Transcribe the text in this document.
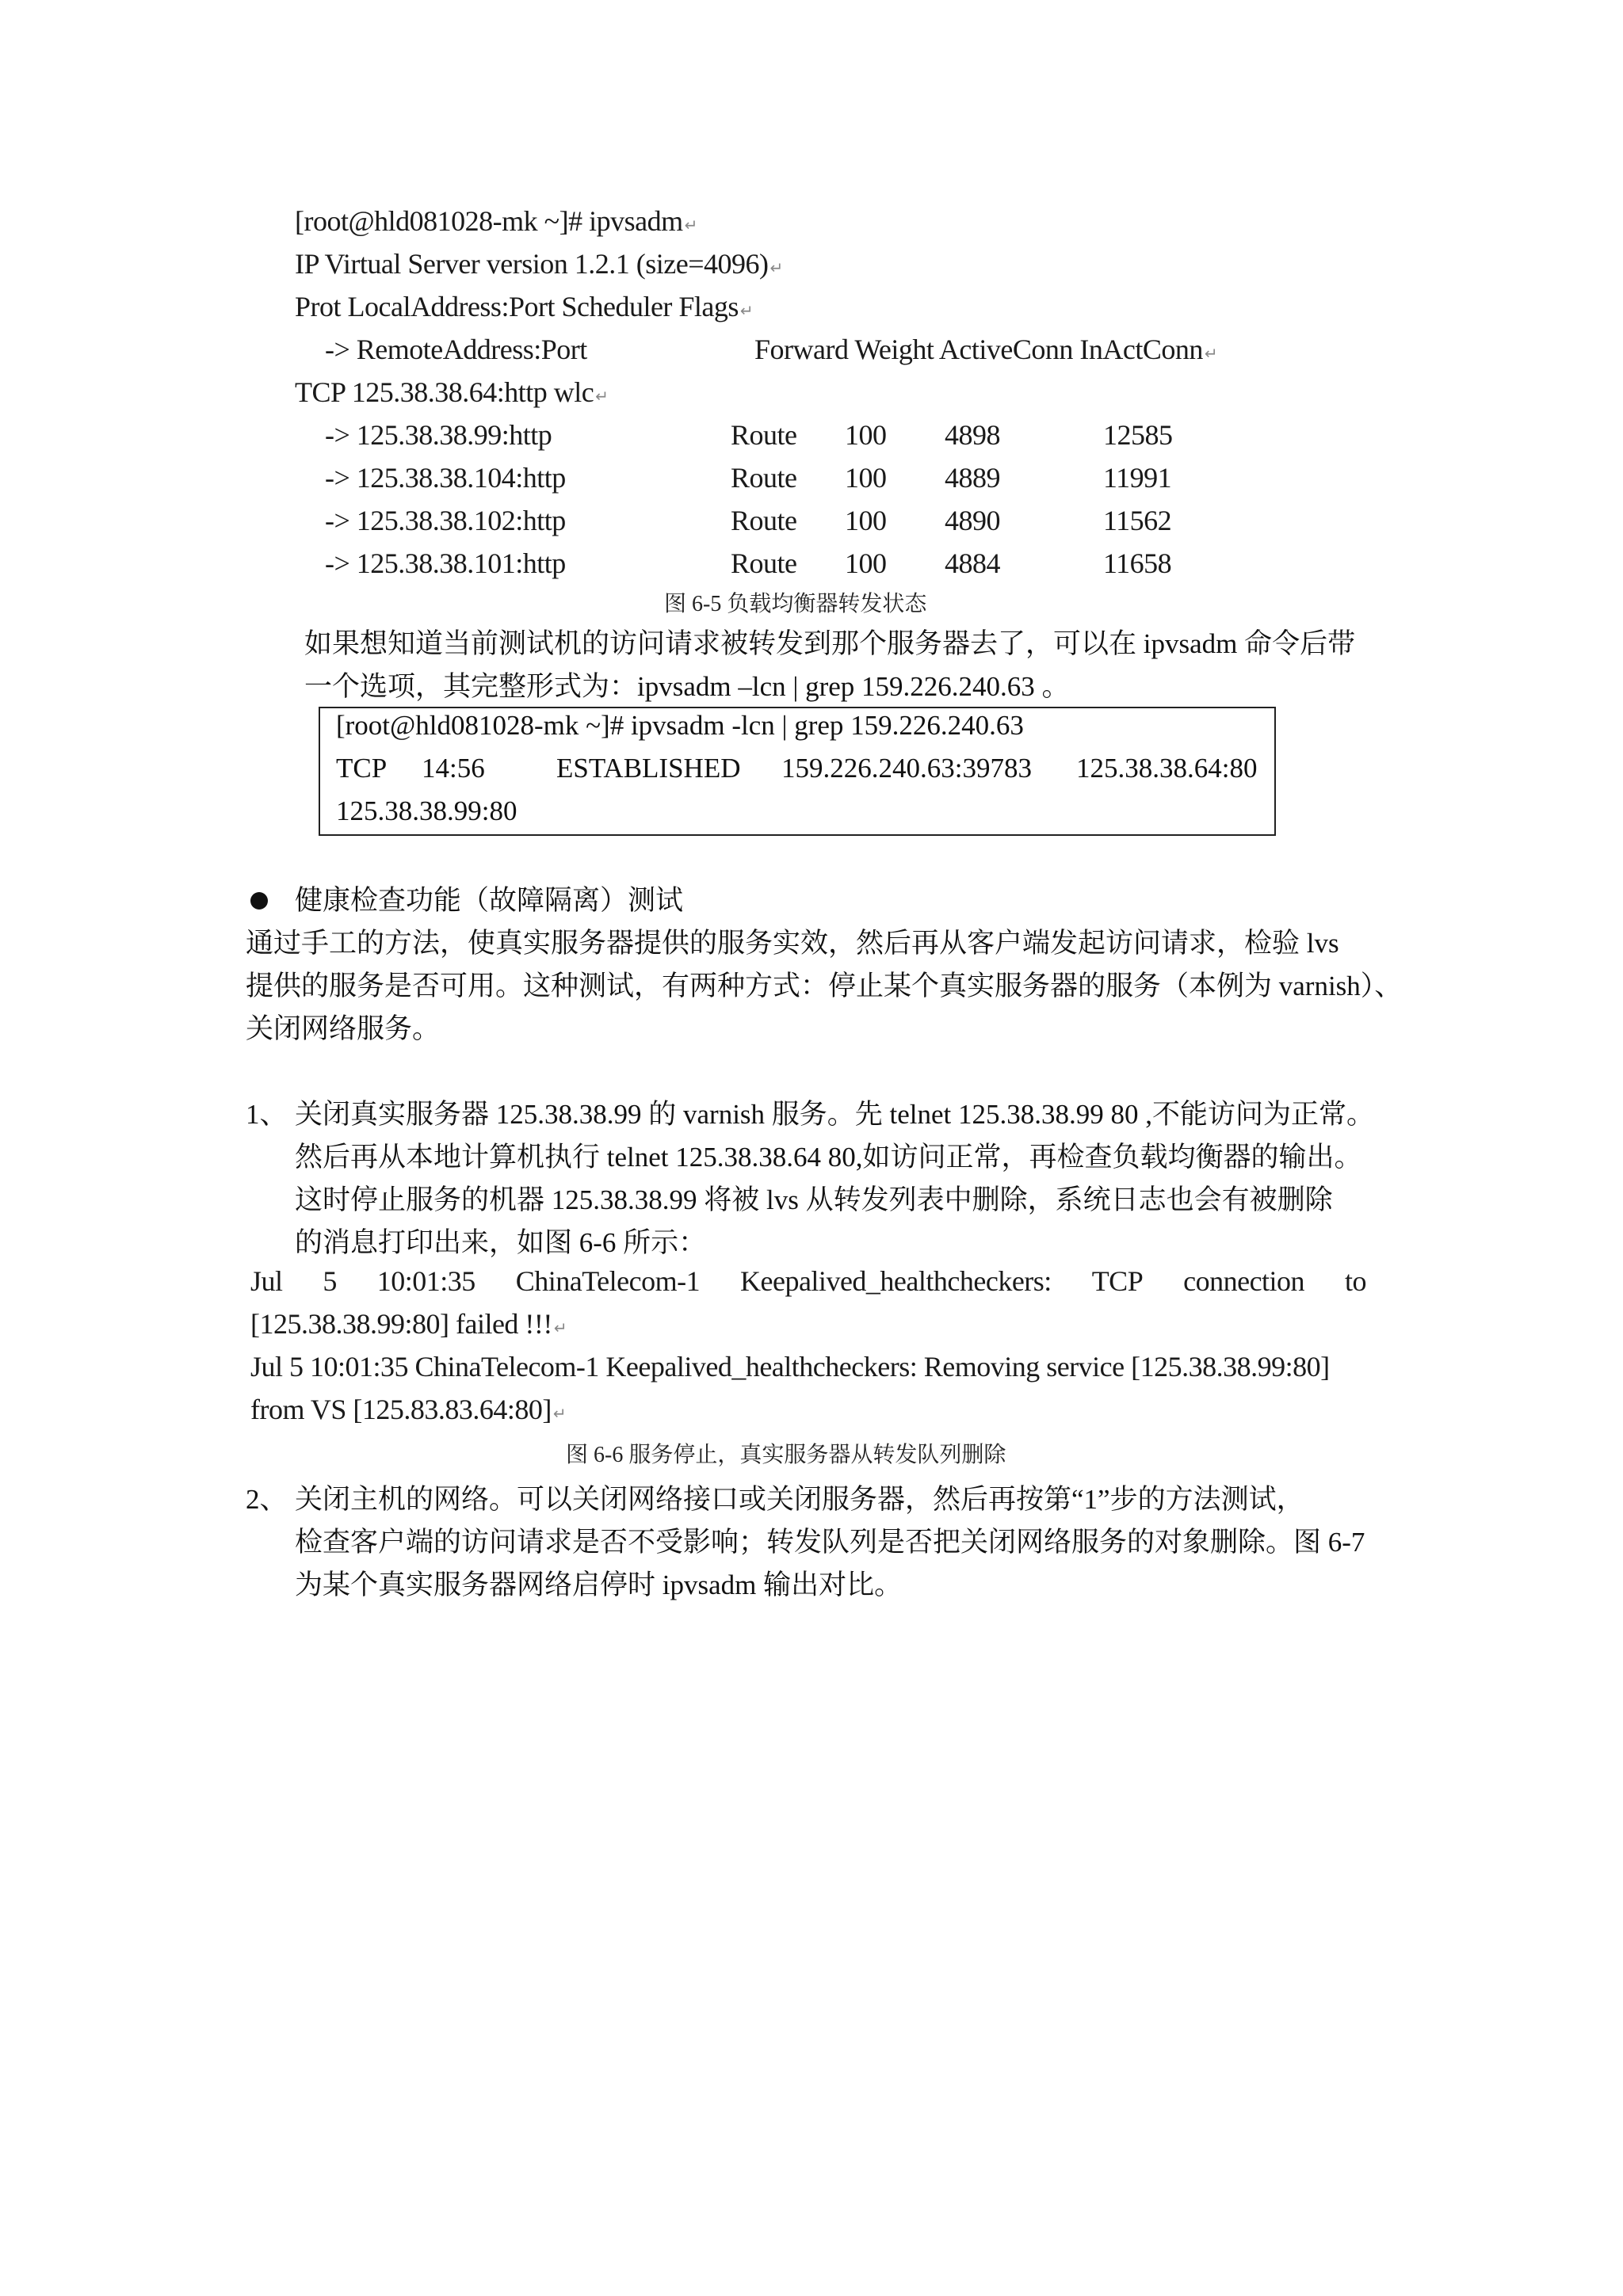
[root@hld081028-mk ~]# ipvsadm ↵
IP Virtual Server version 1.2.1 (size=4096) ↵
Prot LocalAddress:Port Scheduler Flags ↵
-> RemoteAddress:Port	Forward Weight ActiveConn InActConn ↵
TCP 125.38.38.64:http wlc ↵
-> 125.38.38.99:http	Route 100 4898	12585
-> 125.38.38.104:http	Route 100 4889	11991
-> 125.38.38.102:http	Route 100 4890	11562
-> 125.38.38.101:http	Route 100 4884	11658
图 6-5 负载均衡器转发状态
如果想知道当前测试机的访问请求被转发到那个服务器去了，可以在 ipvsadm 命令后带
一个选项，其完整形式为：ipvsadm –lcn | grep 159.226.240.63 。
[root@hld081028-mk ~]# ipvsadm -lcn | grep 159.226.240.63
TCP 14:56	ESTABLISHED 159.226.240.63:39783 125.38.38.64:80
125.38.38.99:80
健康检查功能（故障隔离）测试
通过手工的方法，使真实服务器提供的服务实效，然后再从客户端发起访问请求，检验 lvs
提供的服务是否可用。这种测试，有两种方式：停止某个真实服务器的服务（本例为 varnish）、
关闭网络服务。
1、 关闭真实服务器 125.38.38.99 的 varnish 服务。先 telnet 125.38.38.99 80 ,不能访问为正常。
然后再从本地计算机执行 telnet 125.38.38.64 80,如访问正常，再检查负载均衡器的输出。
这时停止服务的机器 125.38.38.99 将被 lvs 从转发列表中删除，系统日志也会有被删除
的消息打印出来，如图 6-6 所示：
Jul 5 10:01:35 ChinaTelecom-1 Keepalived_healthcheckers: TCP connection to
[125.38.38.99:80] failed !!! ↵
Jul 5 10:01:35 ChinaTelecom-1 Keepalived_healthcheckers: Removing service [125.38.38.99:80]
from VS [125.83.83.64:80] ↵
图 6-6 服务停止，真实服务器从转发队列删除
2、 关闭主机的网络。可以关闭网络接口或关闭服务器，然后再按第“1”步的方法测试，
检查客户端的访问请求是否不受影响；转发队列是否把关闭网络服务的对象删除。图 6-7
为某个真实服务器网络启停时 ipvsadm 输出对比。
